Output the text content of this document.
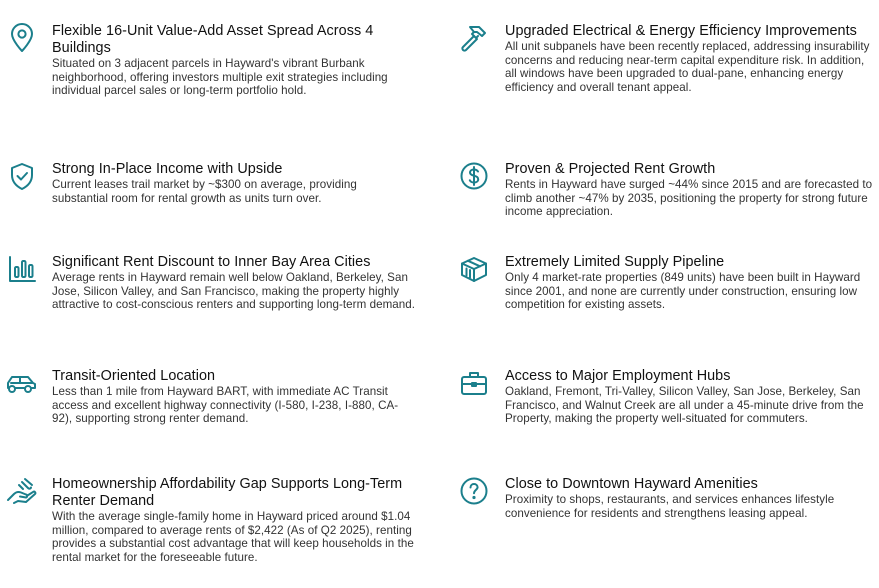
Flexible 16-Unit Value-Add Asset Spread Across 4 Buildings
Situated on 3 adjacent parcels in Hayward's vibrant Burbank neighborhood, offering investors multiple exit strategies including individual parcel sales or long-term portfolio hold.
Upgraded Electrical & Energy Efficiency Improvements
All unit subpanels have been recently replaced, addressing insurability concerns and reducing near-term capital expenditure risk. In addition, all windows have been upgraded to dual-pane, enhancing energy efficiency and overall tenant appeal.
Strong In-Place Income with Upside
Current leases trail market by ~$300 on average, providing substantial room for rental growth as units turn over.
Proven & Projected Rent Growth
Rents in Hayward have surged ~44% since 2015 and are forecasted to climb another ~47% by 2035, positioning the property for strong future income appreciation.
Significant Rent Discount to Inner Bay Area Cities
Average rents in Hayward remain well below Oakland, Berkeley, San Jose, Silicon Valley, and San Francisco, making the property highly attractive to cost-conscious renters and supporting long-term demand.
Extremely Limited Supply Pipeline
Only 4 market-rate properties (849 units) have been built in Hayward since 2001, and none are currently under construction, ensuring low competition for existing assets.
Transit-Oriented Location
Less than 1 mile from Hayward BART, with immediate AC Transit access and excellent highway connectivity (I-580, I-238, I-880, CA-92), supporting strong renter demand.
Access to Major Employment Hubs
Oakland, Fremont, Tri-Valley, Silicon Valley, San Jose, Berkeley, San Francisco, and Walnut Creek are all under a 45-minute drive from the Property, making the property well-situated for commuters.
Homeownership Affordability Gap Supports Long-Term Renter Demand
With the average single-family home in Hayward priced around $1.04 million, compared to average rents of $2,422 (As of Q2 2025), renting provides a substantial cost advantage that will keep households in the rental market for the foreseeable future.
Close to Downtown Hayward Amenities
Proximity to shops, restaurants, and services enhances lifestyle convenience for residents and strengthens leasing appeal.
